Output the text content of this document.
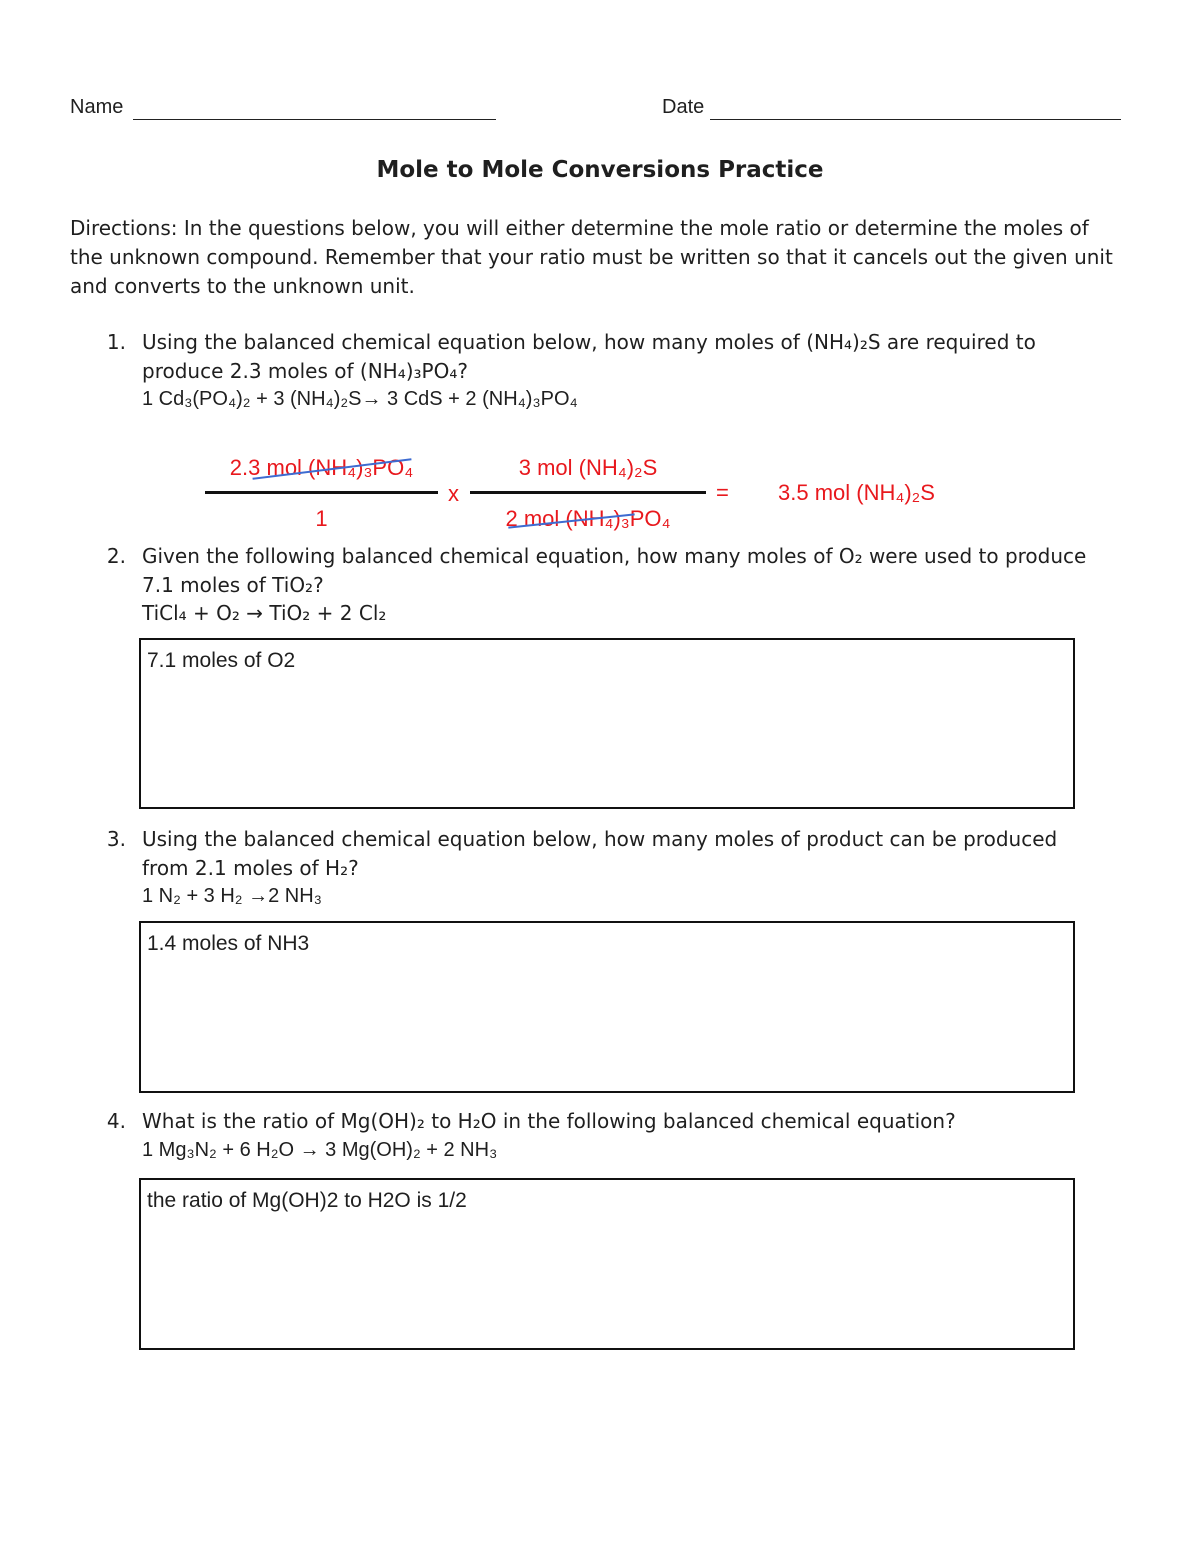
Name	Date
Mole to Mole Conversions Practice
Directions: In the questions below, you will either determine the mole ratio or determine the moles of the unknown compound. Remember that your ratio must be written so that it cancels out the given unit and converts to the unknown unit.
1. Using the balanced chemical equation below, how many moles of (NH₄)₂S are required to
produce 2.3 moles of (NH₄)₃PO₄?
1 Cd₃(PO₄)₂ + 3 (NH₄)₂S→ 3 CdS + 2 (NH₄)₃PO₄
2.3 mol (NH₄)₃PO₄
1
x
3 mol (NH₄)₂S
2 mol (NH₄)₃PO₄
= 3.5 mol (NH₄)₂S
2. Given the following balanced chemical equation, how many moles of O₂ were used to produce
7.1 moles of TiO₂?
TiCl₄ + O₂ → TiO₂ + 2 Cl₂
7.1 moles of O2
3. Using the balanced chemical equation below, how many moles of product can be produced
from 2.1 moles of H₂?
1 N₂ + 3 H₂ →2 NH₃
1.4 moles of NH3
4. What is the ratio of Mg(OH)₂ to H₂O in the following balanced chemical equation?
1 Mg₃N₂ + 6 H₂O → 3 Mg(OH)₂ + 2 NH₃
the ratio of Mg(OH)2 to H2O is 1/2
